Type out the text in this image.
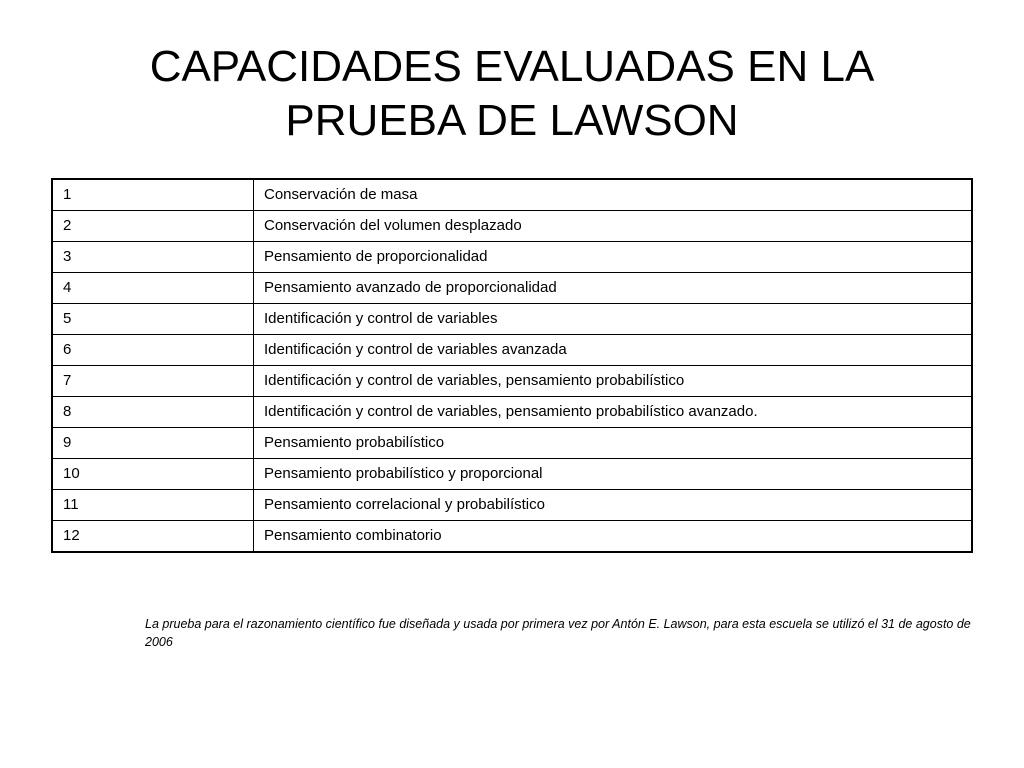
CAPACIDADES EVALUADAS EN LA
PRUEBA DE LAWSON
1	Conservación de masa
2	Conservación del volumen desplazado
3	Pensamiento de proporcionalidad
4	Pensamiento avanzado de proporcionalidad
5	Identificación y control de variables
6	Identificación y control de variables avanzada
7	Identificación y control de variables, pensamiento probabilístico
8	Identificación y control de variables, pensamiento probabilístico avanzado.
9	Pensamiento probabilístico
10	Pensamiento probabilístico y proporcional
11	Pensamiento correlacional y probabilístico
12	Pensamiento combinatorio

La prueba para el razonamiento científico fue diseñada y usada por primera vez por Antón E. Lawson, para esta escuela se utilizó el 31 de agosto de 2006
